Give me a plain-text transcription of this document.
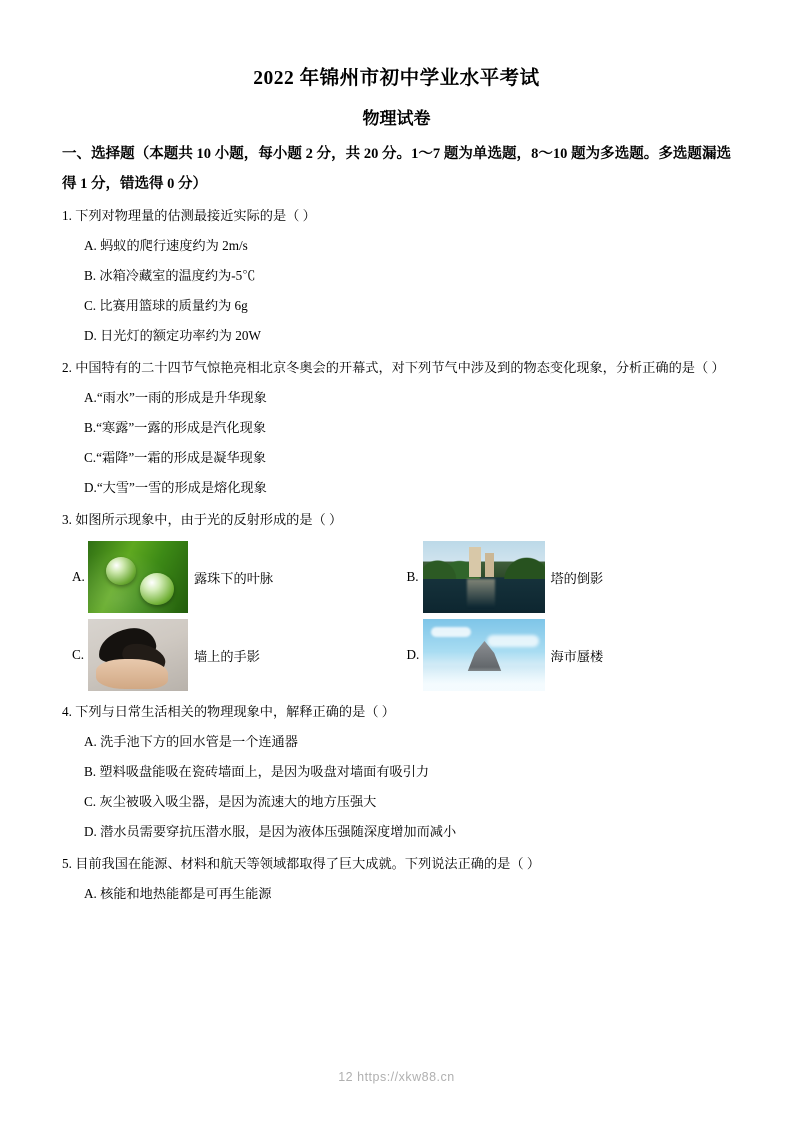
2022 年锦州市初中学业水平考试
物理试卷
一、选择题（本题共 10 小题，每小题 2 分，共 20 分。1～7 题为单选题，8～10 题为多选题。多选题漏选得 1 分，错选得 0 分）
1. 下列对物理量的估测最接近实际的是（ ）
A. 蚂蚁的爬行速度约为 2m/s
B. 冰箱冷藏室的温度约为-5℃
C. 比赛用篮球的质量约为 6g
D. 日光灯的额定功率约为 20W
2. 中国特有的二十四节气惊艳亮相北京冬奥会的开幕式，对下列节气中涉及到的物态变化现象，分析正确的是（ ）
A.“雨水”一雨的形成是升华现象
B.“寒露”一露的形成是汽化现象
C.“霜降”一霜的形成是凝华现象
D.“大雪”一雪的形成是熔化现象
3. 如图所示现象中，由于光的反射形成的是（ ）
A.	露珠下的叶脉	B.	塔的倒影
C.	墙上的手影	D.	海市蜃楼
4. 下列与日常生活相关的物理现象中，解释正确的是（ ）
A. 洗手池下方的回水管是一个连通器
B. 塑料吸盘能吸在瓷砖墙面上，是因为吸盘对墙面有吸引力
C. 灰尘被吸入吸尘器，是因为流速大的地方压强大
D. 潜水员需要穿抗压潜水服，是因为液体压强随深度增加而减小
5. 目前我国在能源、材料和航天等领域都取得了巨大成就。下列说法正确的是（ ）
A. 核能和地热能都是可再生能源
12 https://xkw88.cn
